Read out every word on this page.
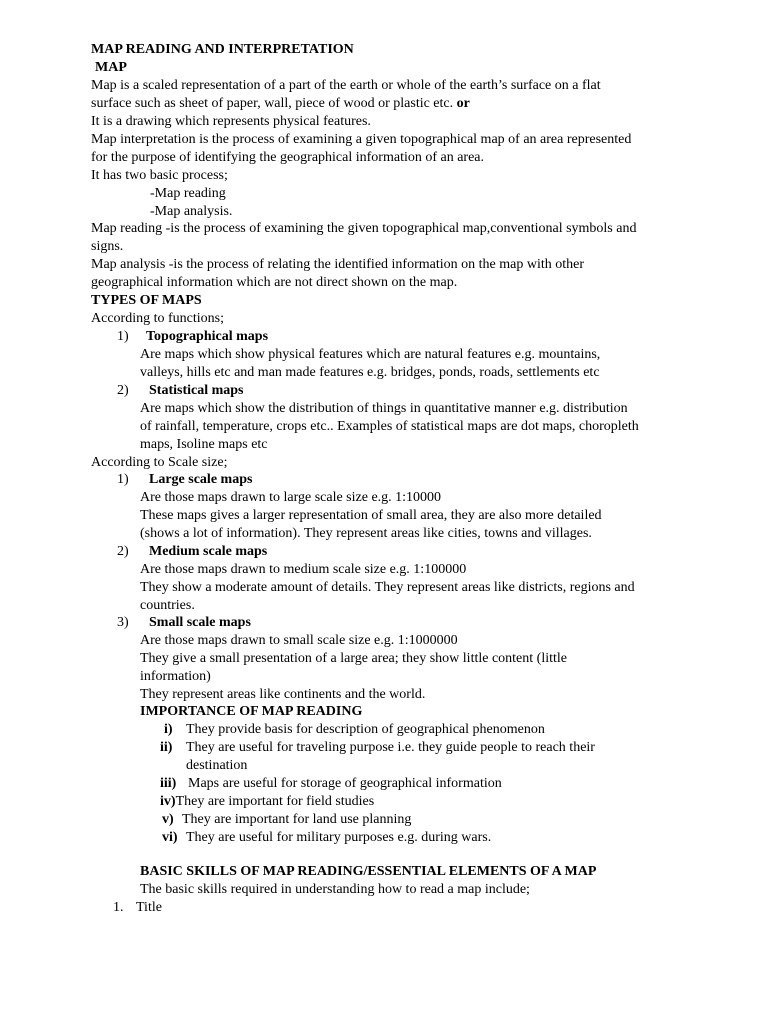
MAP READING AND INTERPRETATION
MAP
Map is a scaled representation of a part of the earth or whole of the earth’s surface on a flat
surface such as sheet of paper, wall, piece of wood or plastic etc. or
It is a drawing which represents physical features.
Map interpretation is the process of examining a given topographical map of an area represented
for the purpose of identifying the geographical information of an area.
It has two basic process;
-Map reading
-Map analysis.
Map reading -is the process of examining the given topographical map,conventional symbols and
signs.
Map analysis -is the process of relating the identified information on the map with other
geographical information which are not direct shown on the map.
TYPES OF MAPS
According to functions;
1) Topographical maps
Are maps which show physical features which are natural features e.g. mountains,
valleys, hills etc and man made features e.g. bridges, ponds, roads, settlements etc
2) Statistical maps
Are maps which show the distribution of things in quantitative manner e.g. distribution
of rainfall, temperature, crops etc.. Examples of statistical maps are dot maps, choropleth
maps, Isoline maps etc
According to Scale size;
1) Large scale maps
Are those maps drawn to large scale size e.g. 1:10000
These maps gives a larger representation of small area, they are also more detailed
(shows a lot of information). They represent areas like cities, towns and villages.
2) Medium scale maps
Are those maps drawn to medium scale size e.g. 1:100000
They show a moderate amount of details. They represent areas like districts, regions and
countries.
3) Small scale maps
Are those maps drawn to small scale size e.g. 1:1000000
They give a small presentation of a large area; they show little content (little
information)
They represent areas like continents and the world.
IMPORTANCE OF MAP READING
i) They provide basis for description of geographical phenomenon
ii) They are useful for traveling purpose i.e. they guide people to reach their
destination
iii) Maps are useful for storage of geographical information
iv)They are important for field studies
v) They are important for land use planning
vi) They are useful for military purposes e.g. during wars.
BASIC SKILLS OF MAP READING/ESSENTIAL ELEMENTS OF A MAP
The basic skills required in understanding how to read a map include;
1. Title
